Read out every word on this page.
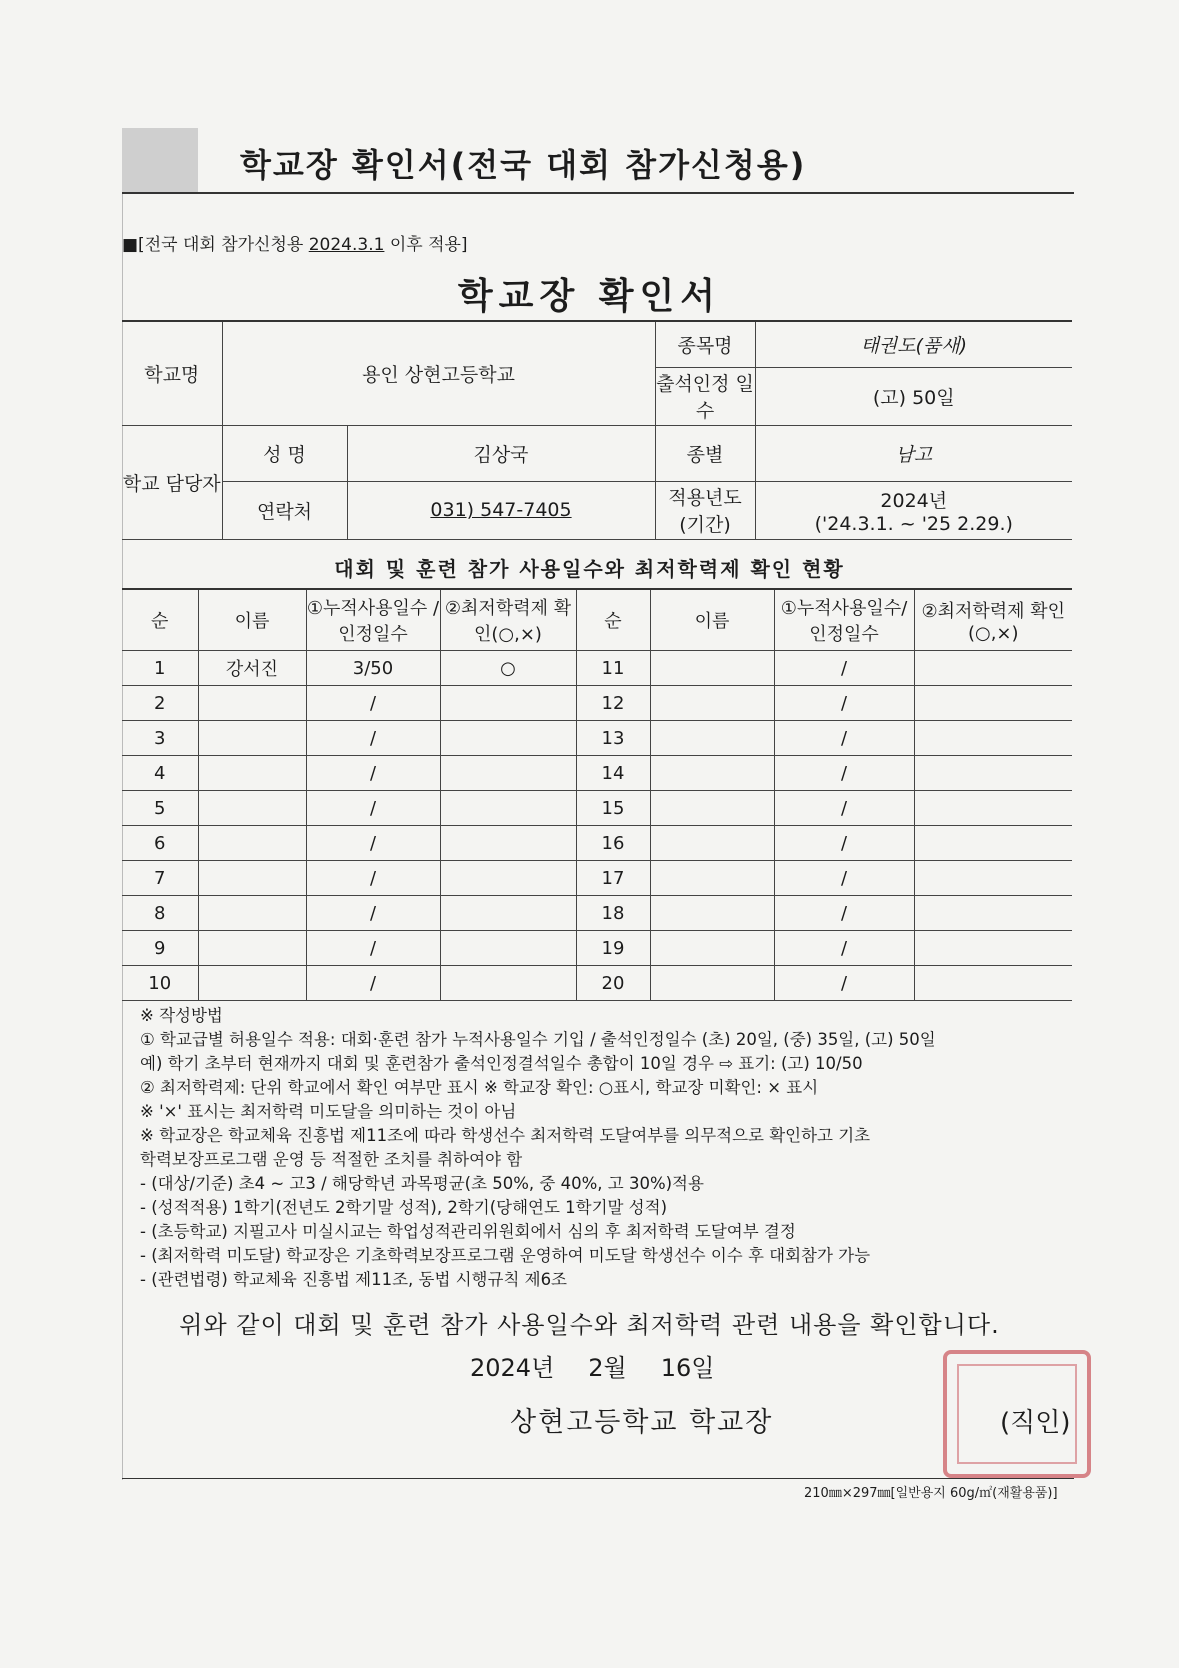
학교장 확인서(전국 대회 참가신청용)
■[전국 대회 참가신청용 2024.3.1 이후 적용]
학교장 확인서
학교명	용인 상현고등학교		종목명	태권도(품새)
			출석인정 일수	(고) 50일
학교 담당자	성 명	김상국	종별	남고
	연락처	031) 547-7405	적용년도 (기간)	2024년
('24.3.1. ~ '25 2.29.)
대회 및 훈련 참가 사용일수와 최저학력제 확인 현황
순	이름	①누적사용일수 /인정일수	②최저학력제 확인(○,×)	순	이름	①누적사용일수/ 인정일수	②최저학력제 확인(○,×)
1	강서진	3/50	○	11		/	
2		/		12		/	
3		/		13		/	
4		/		14		/	
5		/		15		/	
6		/		16		/	
7		/		17		/	
8		/		18		/	
9		/		19		/	
10		/		20		/	
※ 작성방법
① 학교급별 허용일수 적용: 대회·훈련 참가 누적사용일수 기입 / 출석인정일수 (초) 20일, (중) 35일, (고) 50일
예) 학기 초부터 현재까지 대회 및 훈련참가 출석인정결석일수 총합이 10일 경우 ⇨ 표기: (고) 10/50
② 최저학력제: 단위 학교에서 확인 여부만 표시 ※ 학교장 확인: ○표시, 학교장 미확인: × 표시
※ '×' 표시는 최저학력 미도달을 의미하는 것이 아님
※ 학교장은 학교체육 진흥법 제11조에 따라 학생선수 최저학력 도달여부를 의무적으로 확인하고 기초
학력보장프로그램 운영 등 적절한 조치를 취하여야 함
- (대상/기준) 초4 ~ 고3 / 해당학년 과목평균(초 50%, 중 40%, 고 30%)적용
- (성적적용) 1학기(전년도 2학기말 성적), 2학기(당해연도 1학기말 성적)
- (초등학교) 지필고사 미실시교는 학업성적관리위원회에서 심의 후 최저학력 도달여부 결정
- (최저학력 미도달) 학교장은 기초학력보장프로그램 운영하여 미도달 학생선수 이수 후 대회참가 가능
- (관련법령) 학교체육 진흥법 제11조, 동법 시행규칙 제6조
위와 같이 대회 및 훈련 참가 사용일수와 최저학력 관련 내용을 확인합니다.
2024년 2월 16일
상현고등학교 학교장	(직인)
210㎜×297㎜[일반용지 60g/㎡(재활용품)]
